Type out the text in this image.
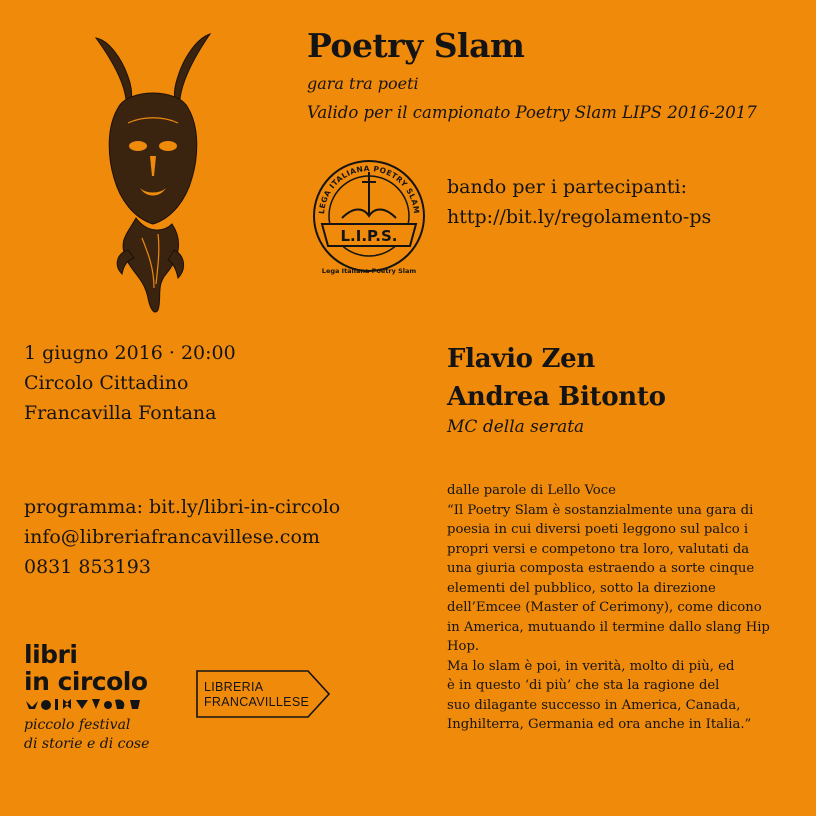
Poetry Slam
gara tra poeti
Valido per il campionato Poetry Slam LIPS 2016-2017
LEGA ITALIANA POETRY SLAM
L.I.P.S.
Lega Italiana Poetry Slam
bando per i partecipanti:
http://bit.ly/regolamento-ps
1 giugno 2016 · 20:00
Circolo Cittadino
Francavilla Fontana
Flavio Zen
Andrea Bitonto
MC della serata
programma: bit.ly/libri-in-circolo
info@libreriafrancavillese.com
0831 853193

dalle parole di Lello Voce

“Il Poetry Slam è sostanzialmente una gara di
poesia in cui diversi poeti leggono sul palco i
propri versi e competono tra loro, valutati da
una giuria composta estraendo a sorte cinque
elementi del pubblico, sotto la direzione
dell’Emcee (Master of Cerimony), come dicono
in America, mutuando il termine dallo slang Hip
Hop.
Ma lo slam è poi, in verità, molto di più, ed
è in questo ‘di più’ che sta la ragione del
suo dilagante successo in America, Canada,
Inghilterra, Germania ed ora anche in Italia.”
libri
in circolo
piccolo festival
di storie e di cose
LIBRERIA
FRANCAVILLESE
